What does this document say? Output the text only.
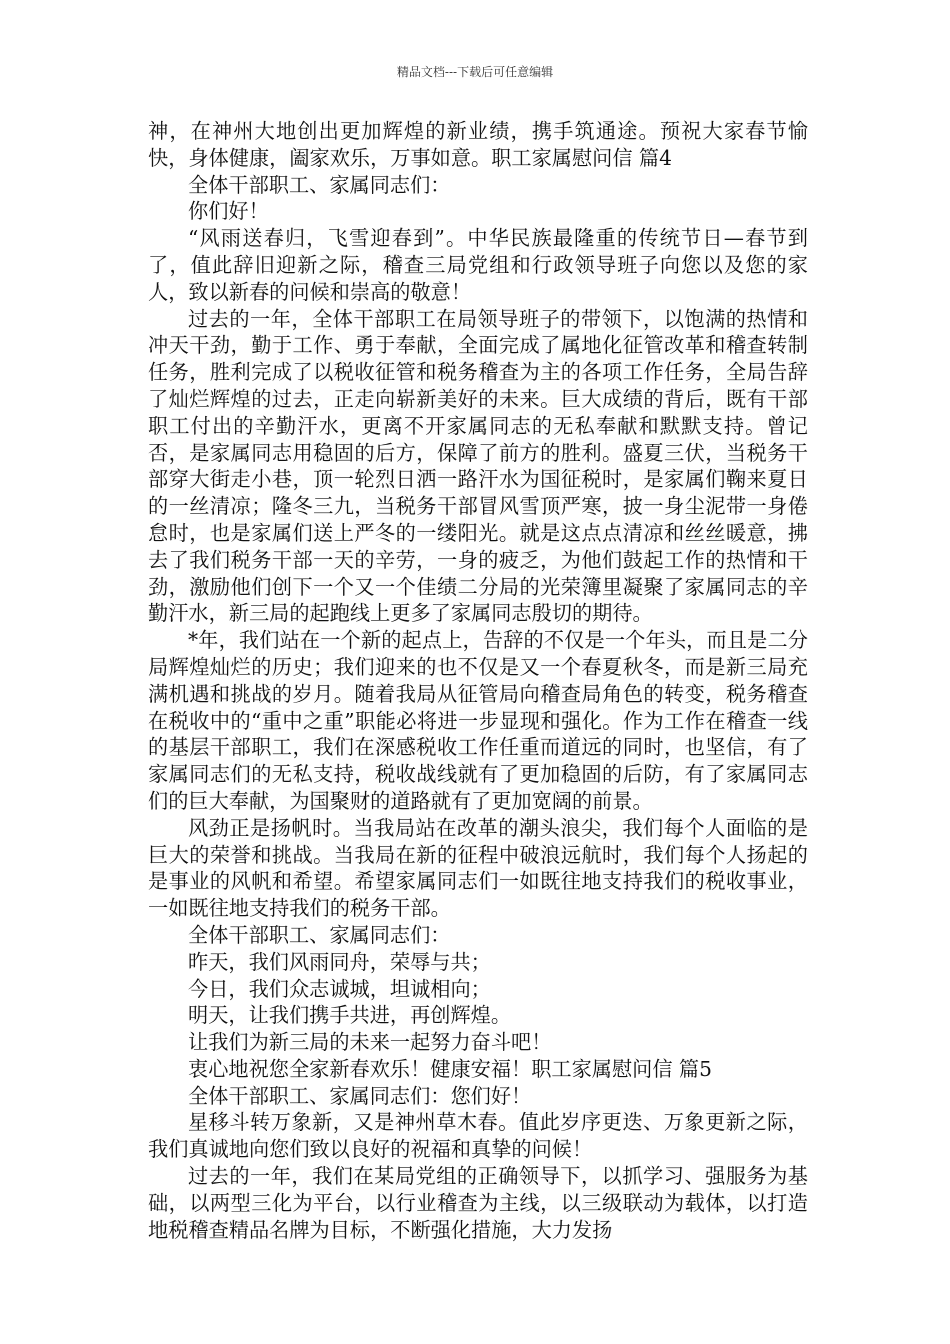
精品文档---下载后可任意编辑

神，在神州大地创出更加辉煌的新业绩，携手筑通途。预祝大家春节愉快，身体健康，阖家欢乐，万事如意。职工家属慰问信 篇4

全体干部职工、家属同志们：

你们好！

“风雨送春归，飞雪迎春到”。中华民族最隆重的传统节日—春节到了，值此辞旧迎新之际，稽查三局党组和行政领导班子向您以及您的家人，致以新春的问候和崇高的敬意！

过去的一年，全体干部职工在局领导班子的带领下，以饱满的热情和冲天干劲，勤于工作、勇于奉献，全面完成了属地化征管改革和稽查转制任务，胜利完成了以税收征管和税务稽查为主的各项工作任务，全局告辞了灿烂辉煌的过去，正走向崭新美好的未来。巨大成绩的背后，既有干部职工付出的辛勤汗水，更离不开家属同志的无私奉献和默默支持。曾记否，是家属同志用稳固的后方，保障了前方的胜利。盛夏三伏，当税务干部穿大街走小巷，顶一轮烈日洒一路汗水为国征税时，是家属们鞠来夏日的一丝清凉；隆冬三九，当税务干部冒风雪顶严寒，披一身尘泥带一身倦怠时，也是家属们送上严冬的一缕阳光。就是这点点清凉和丝丝暖意，拂去了我们税务干部一天的辛劳，一身的疲乏，为他们鼓起工作的热情和干劲，激励他们创下一个又一个佳绩二分局的光荣簿里凝聚了家属同志的辛勤汗水，新三局的起跑线上更多了家属同志殷切的期待。

*年，我们站在一个新的起点上，告辞的不仅是一个年头，而且是二分局辉煌灿烂的历史；我们迎来的也不仅是又一个春夏秋冬，而是新三局充满机遇和挑战的岁月。随着我局从征管局向稽查局角色的转变，税务稽查在税收中的“重中之重”职能必将进一步显现和强化。作为工作在稽查一线的基层干部职工，我们在深感税收工作任重而道远的同时，也坚信，有了家属同志们的无私支持，税收战线就有了更加稳固的后防，有了家属同志们的巨大奉献，为国聚财的道路就有了更加宽阔的前景。

风劲正是扬帆时。当我局站在改革的潮头浪尖，我们每个人面临的是巨大的荣誉和挑战。当我局在新的征程中破浪远航时，我们每个人扬起的是事业的风帆和希望。希望家属同志们一如既往地支持我们的税收事业，一如既往地支持我们的税务干部。

全体干部职工、家属同志们：

昨天，我们风雨同舟，荣辱与共；

今日，我们众志诚城，坦诚相向；

明天，让我们携手共进，再创辉煌。

让我们为新三局的未来一起努力奋斗吧！

衷心地祝您全家新春欢乐！健康安福！职工家属慰问信 篇5

全体干部职工、家属同志们：您们好！

星移斗转万象新，又是神州草木春。值此岁序更迭、万象更新之际，我们真诚地向您们致以良好的祝福和真挚的问候！

过去的一年，我们在某局党组的正确领导下，以抓学习、强服务为基础，以两型三化为平台，以行业稽查为主线，以三级联动为载体，以打造地税稽查精品名牌为目标，不断强化措施，大力发扬
